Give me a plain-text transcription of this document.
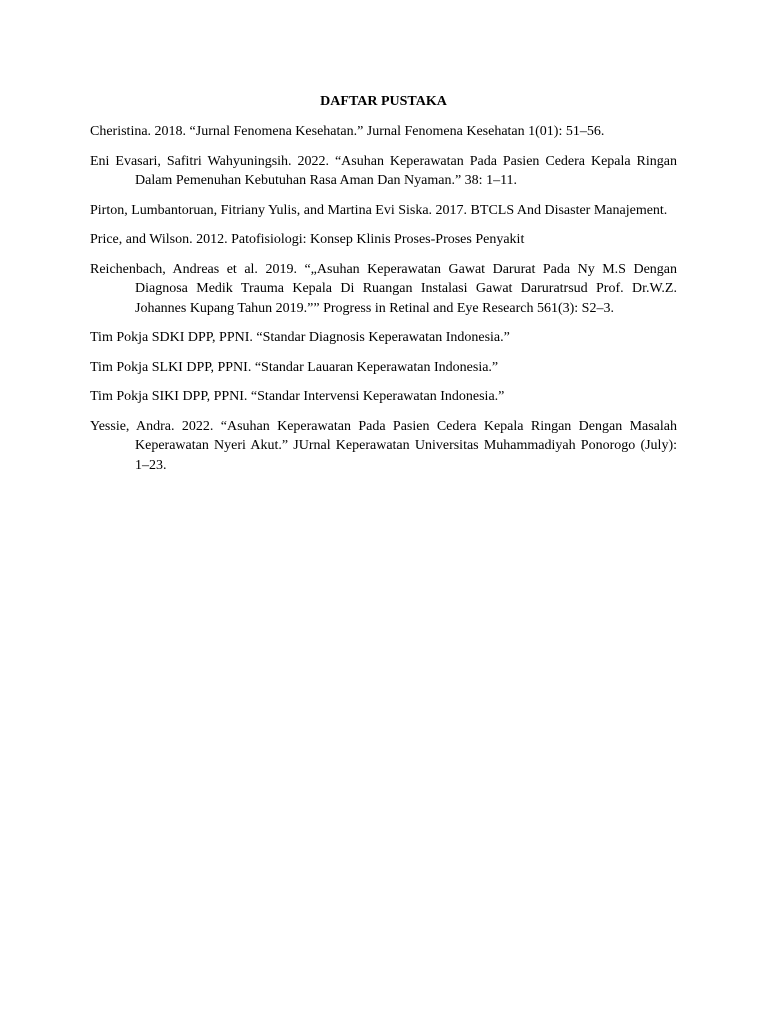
DAFTAR PUSTAKA
Cheristina. 2018. “Jurnal Fenomena Kesehatan.” Jurnal Fenomena Kesehatan 1(01): 51–56.
Eni Evasari, Safitri Wahyuningsih. 2022. “Asuhan Keperawatan Pada Pasien Cedera Kepala Ringan Dalam Pemenuhan Kebutuhan Rasa Aman Dan Nyaman.” 38: 1–11.
Pirton, Lumbantoruan, Fitriany Yulis, and Martina Evi Siska. 2017. BTCLS And Disaster Manajement.
Price, and Wilson. 2012. Patofisiologi: Konsep Klinis Proses-Proses Penyakit
Reichenbach, Andreas et al. 2019. “„Asuhan Keperawatan Gawat Darurat Pada Ny M.S Dengan Diagnosa Medik Trauma Kepala Di Ruangan Instalasi Gawat Daruratrsud Prof. Dr.W.Z. Johannes Kupang Tahun 2019.”” Progress in Retinal and Eye Research 561(3): S2–3.
Tim Pokja SDKI DPP, PPNI. “Standar Diagnosis Keperawatan Indonesia.”
Tim Pokja SLKI DPP, PPNI. “Standar Lauaran Keperawatan Indonesia.”
Tim Pokja SIKI DPP, PPNI. “Standar Intervensi Keperawatan Indonesia.”
Yessie, Andra. 2022. “Asuhan Keperawatan Pada Pasien Cedera Kepala Ringan Dengan Masalah Keperawatan Nyeri Akut.” JUrnal Keperawatan Universitas Muhammadiyah Ponorogo (July): 1–23.
